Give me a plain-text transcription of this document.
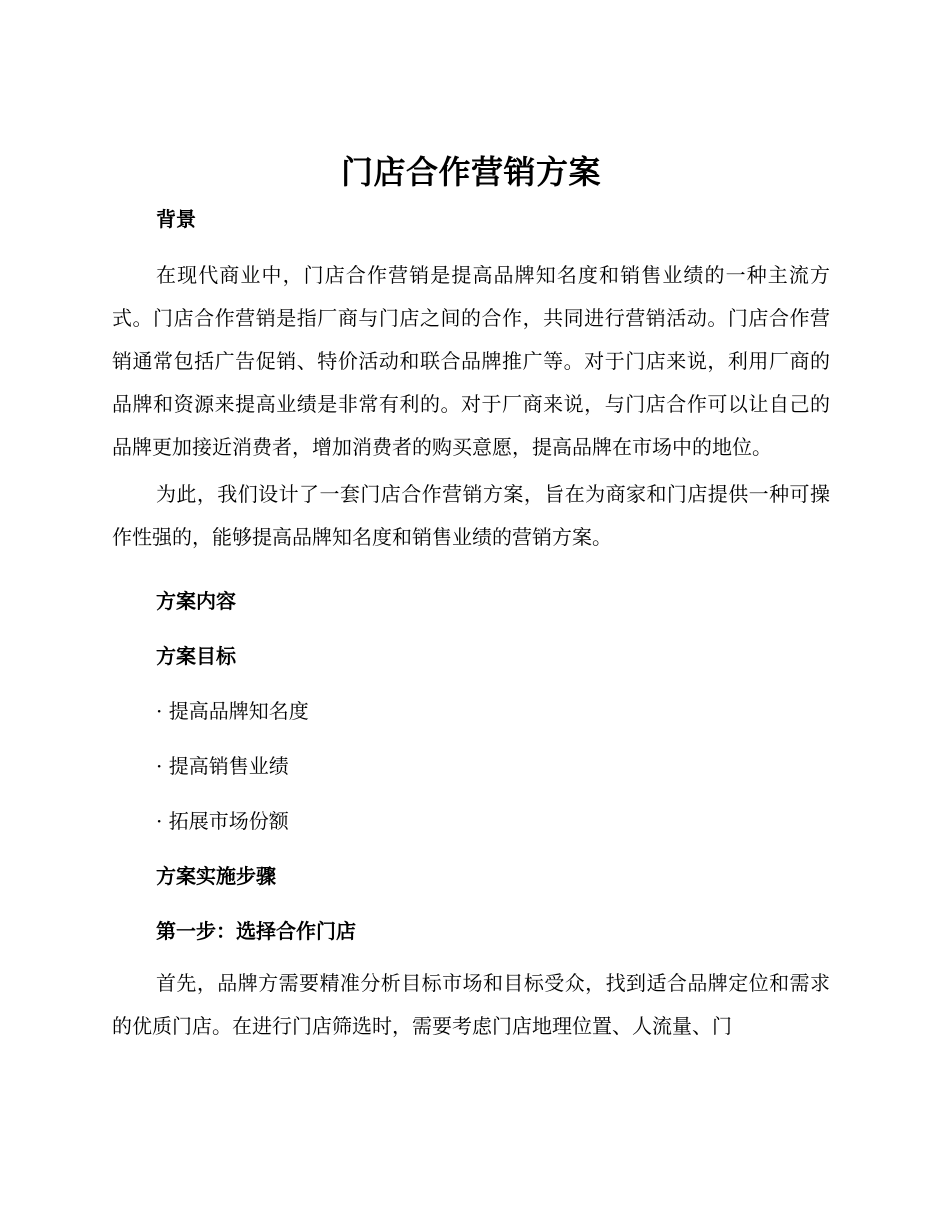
门店合作营销方案

背景

在现代商业中，门店合作营销是提高品牌知名度和销售业绩的一种主流方式。门店合作营销是指厂商与门店之间的合作，共同进行营销活动。门店合作营销通常包括广告促销、特价活动和联合品牌推广等。对于门店来说，利用厂商的品牌和资源来提高业绩是非常有利的。对于厂商来说，与门店合作可以让自己的品牌更加接近消费者，增加消费者的购买意愿，提高品牌在市场中的地位。

为此，我们设计了一套门店合作营销方案，旨在为商家和门店提供一种可操作性强的，能够提高品牌知名度和销售业绩的营销方案。

方案内容

方案目标

· 提高品牌知名度

· 提高销售业绩

· 拓展市场份额

方案实施步骤

第一步：选择合作门店

首先，品牌方需要精准分析目标市场和目标受众，找到适合品牌定位和需求的优质门店。在进行门店筛选时，需要考虑门店地理位置、人流量、门
